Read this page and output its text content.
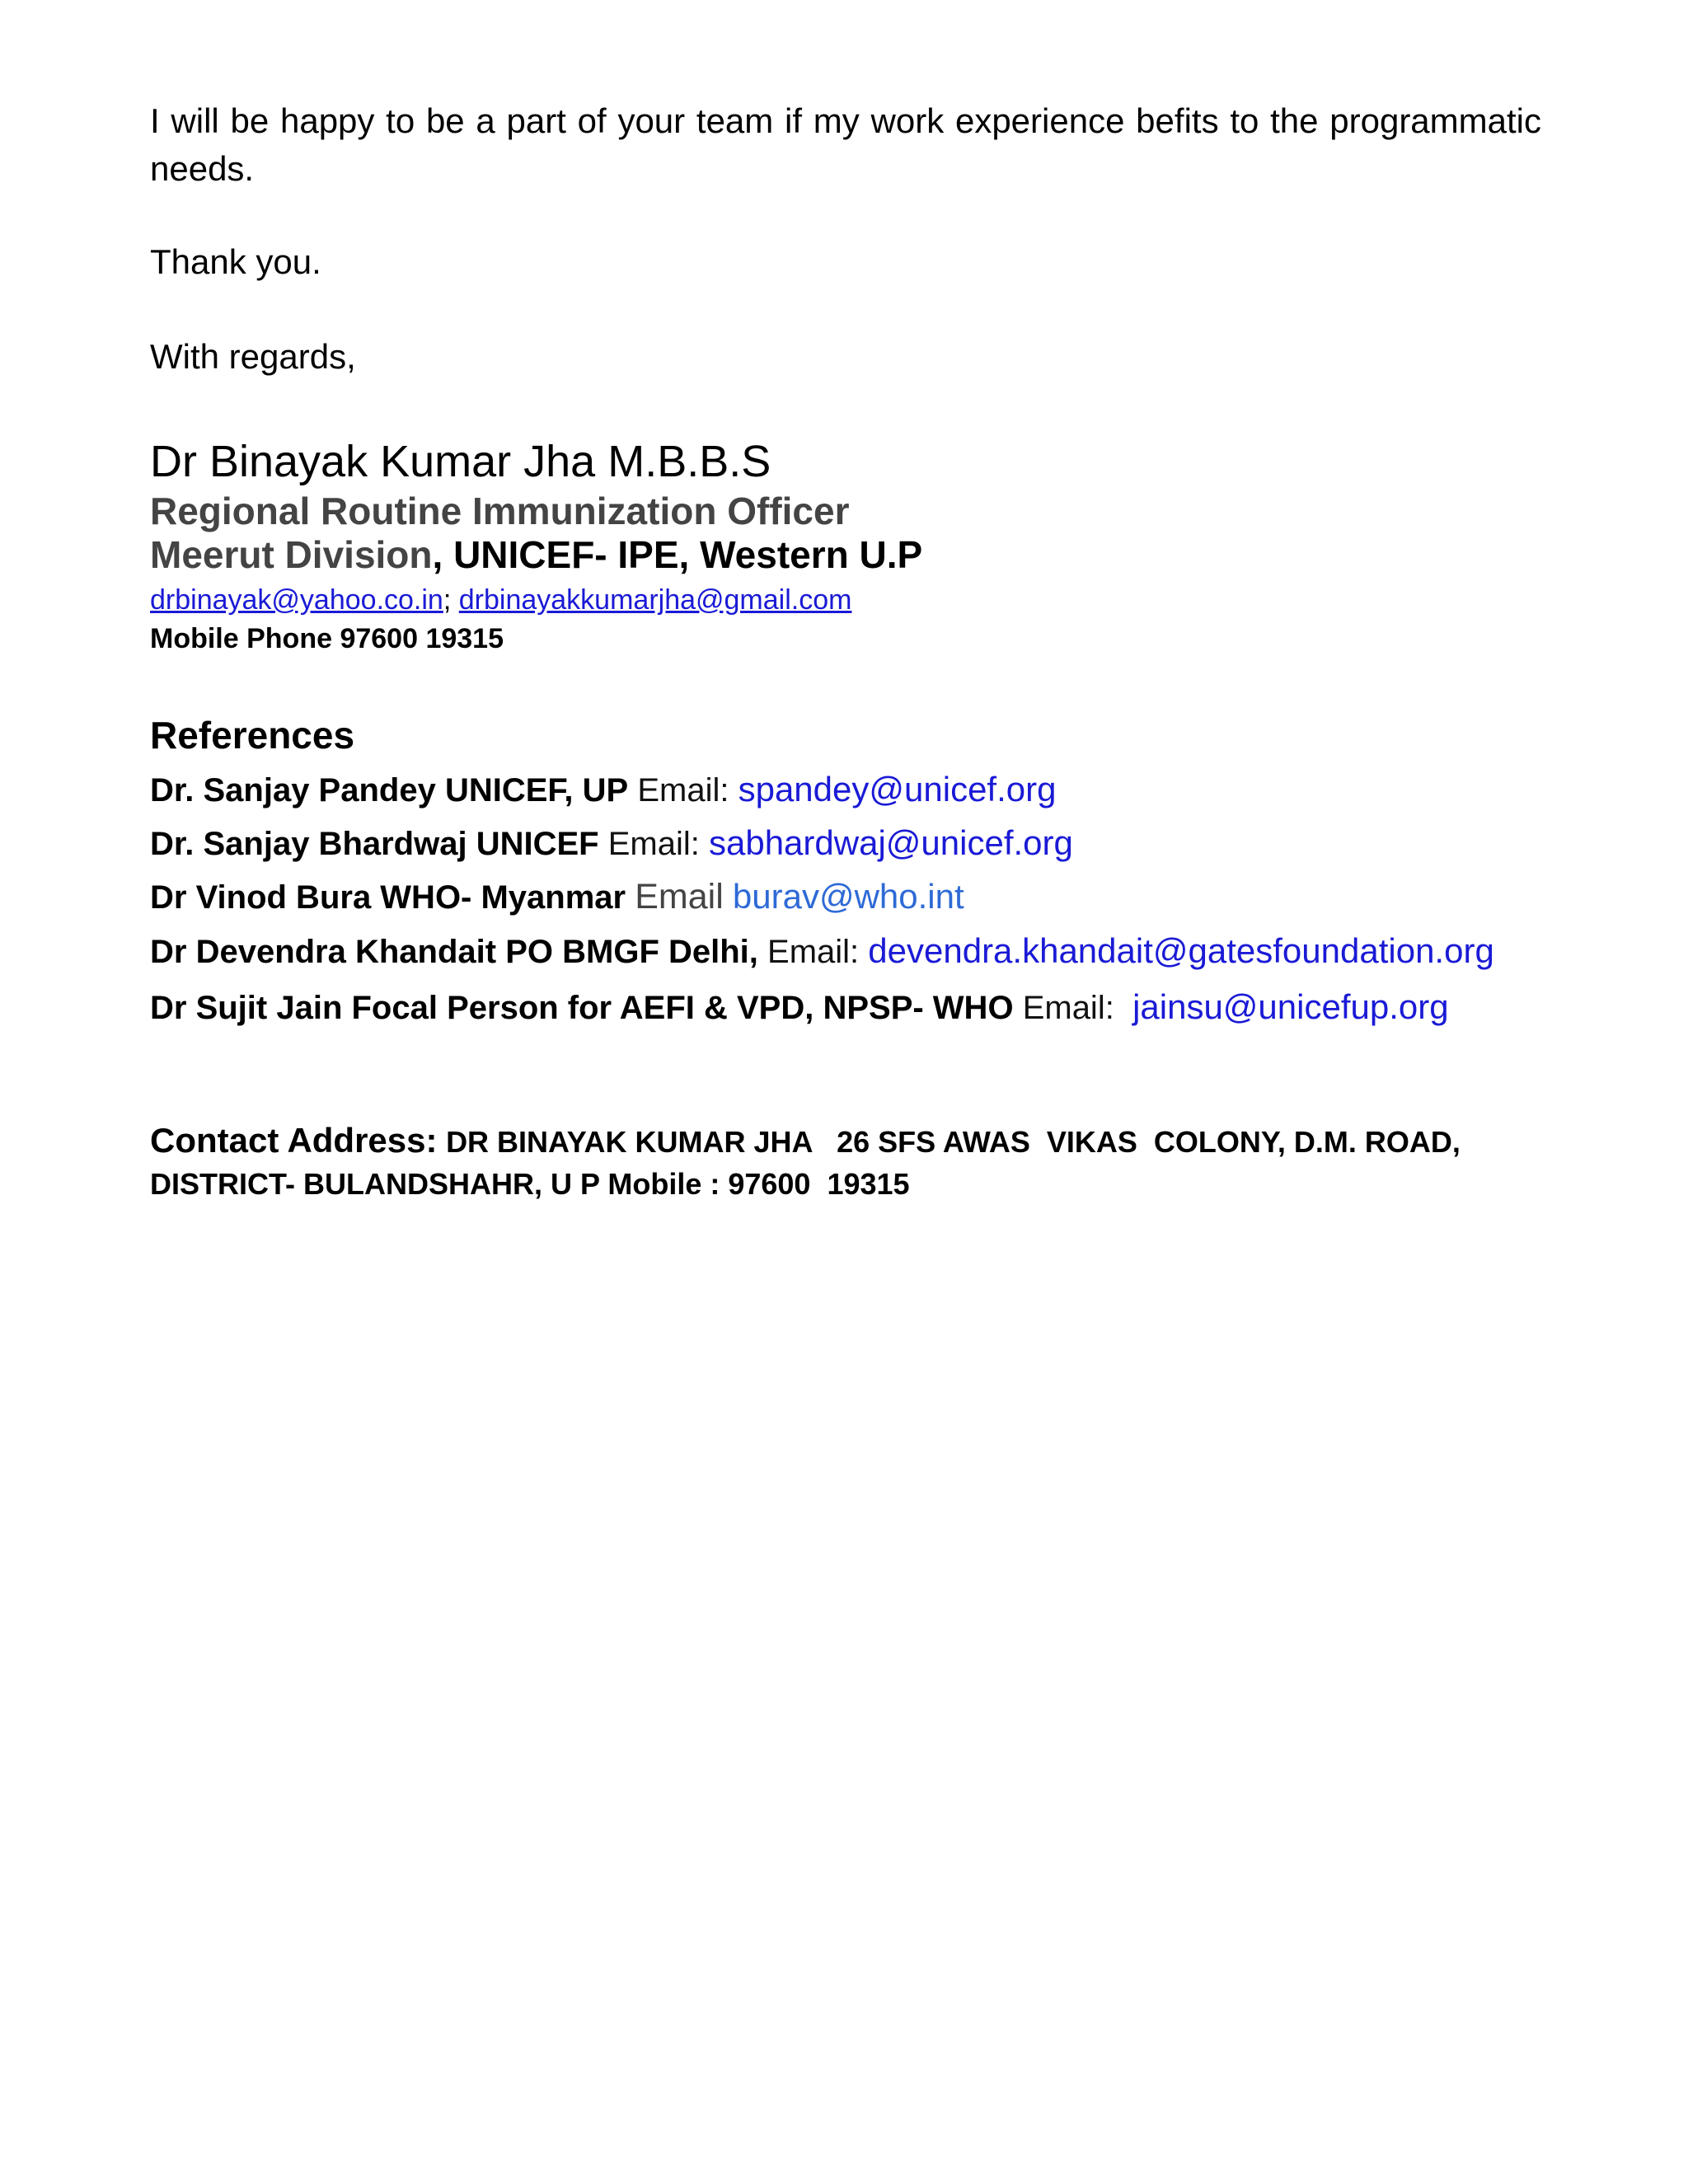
I will be happy to be a part of your team if my work experience befits to the programmatic needs.
Thank you.
With regards,
Dr Binayak Kumar Jha M.B.B.S
Regional Routine Immunization Officer
Meerut Division, UNICEF- IPE, Western U.P
drbinayak@yahoo.co.in; drbinayakkumarjha@gmail.com
Mobile Phone 97600 19315
References
Dr. Sanjay Pandey UNICEF, UP Email: spandey@unicef.org
Dr. Sanjay Bhardwaj UNICEF Email: sabhardwaj@unicef.org
Dr Vinod Bura WHO- Myanmar Email burav@who.int
Dr Devendra Khandait PO BMGF Delhi, Email: devendra.khandait@gatesfoundation.org
Dr Sujit Jain Focal Person for AEFI & VPD, NPSP- WHO Email: jainsu@unicefup.org
Contact Address: DR BINAYAK KUMAR JHA   26 SFS AWAS  VIKAS  COLONY, D.M. ROAD,
DISTRICT- BULANDSHAHR, U P Mobile : 97600  19315
